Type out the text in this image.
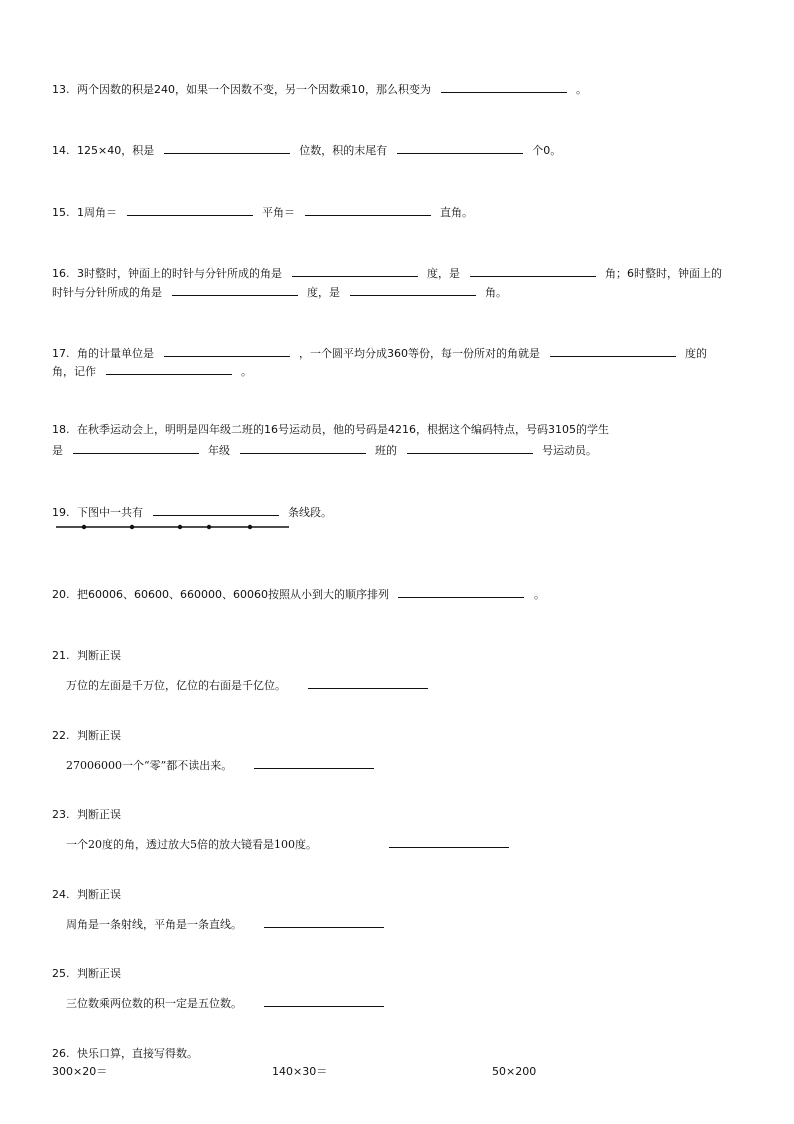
13. 两个因数的积是240，如果一个因数不变，另一个因数乘10，那么积变为	。
14. 125×40，积是	位数，积的末尾有	个0。
15. 1周角＝	平角＝	直角。
16. 3时整时，钟面上的时针与分针所成的角是	度，是	角；6时整时，钟面上的
时针与分针所成的角是	度，是	角。
17. 角的计量单位是	，一个圆平均分成360等份，每一份所对的角就是	度的
角，记作	。
18. 在秋季运动会上，明明是四年级二班的16号运动员，他的号码是4216，根据这个编码特点，号码3105的学生
是	年级	班的	号运动员。
19. 下图中一共有	条线段。
20. 把60006、60600、660000、60060按照从小到大的顺序排列	。
21. 判断正误
万位的左面是千万位，亿位的右面是千亿位。
22. 判断正误
27006000一个“零”都不读出来。
23. 判断正误
一个20度的角，透过放大5倍的放大镜看是100度。
24. 判断正误
周角是一条射线，平角是一条直线。
25. 判断正误
三位数乘两位数的积一定是五位数。
26. 快乐口算，直接写得数。
300×20＝	140×30＝	50×200
